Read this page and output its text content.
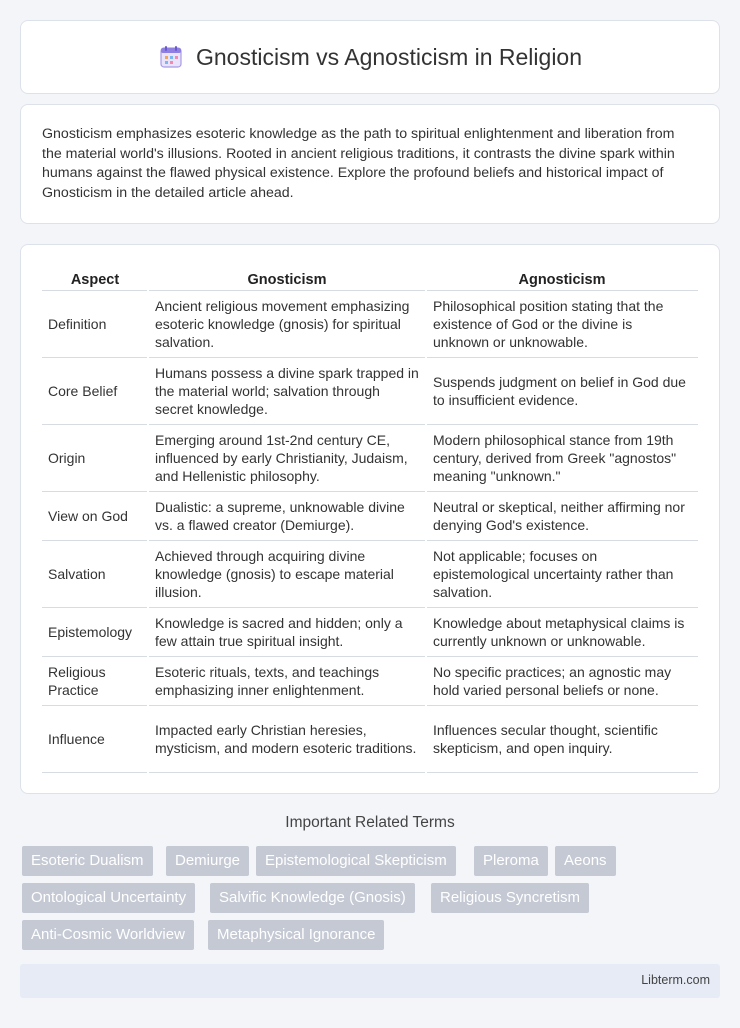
Gnosticism vs Agnosticism in Religion

Gnosticism emphasizes esoteric knowledge as the path to spiritual enlightenment and liberation from the material world's illusions. Rooted in ancient religious traditions, it contrasts the divine spark within humans against the flawed physical existence. Explore the profound beliefs and historical impact of Gnosticism in the detailed article ahead.

Aspect	Gnosticism	Agnosticism
Definition	Ancient religious movement emphasizing esoteric knowledge (gnosis) for spiritual salvation.	Philosophical position stating that the existence of God or the divine is unknown or unknowable.
Core Belief	Humans possess a divine spark trapped in the material world; salvation through secret knowledge.	Suspends judgment on belief in God due to insufficient evidence.
Origin	Emerging around 1st-2nd century CE, influenced by early Christianity, Judaism, and Hellenistic philosophy.	Modern philosophical stance from 19th century, derived from Greek "agnostos" meaning "unknown."
View on God	Dualistic: a supreme, unknowable divine vs. a flawed creator (Demiurge).	Neutral or skeptical, neither affirming nor denying God's existence.
Salvation	Achieved through acquiring divine knowledge (gnosis) to escape material illusion.	Not applicable; focuses on epistemological uncertainty rather than salvation.
Epistemology	Knowledge is sacred and hidden; only a few attain true spiritual insight.	Knowledge about metaphysical claims is currently unknown or unknowable.
Religious Practice	Esoteric rituals, texts, and teachings emphasizing inner enlightenment.	No specific practices; an agnostic may hold varied personal beliefs or none.
Influence	Impacted early Christian heresies, mysticism, and modern esoteric traditions.	Influences secular thought, scientific skepticism, and open inquiry.
Important Related Terms
Esoteric Dualism	Demiurge	Epistemological Skepticism	Pleroma	Aeons
Ontological Uncertainty	Salvific Knowledge (Gnosis)	Religious Syncretism
Anti-Cosmic Worldview	Metaphysical Ignorance
Libterm.com
